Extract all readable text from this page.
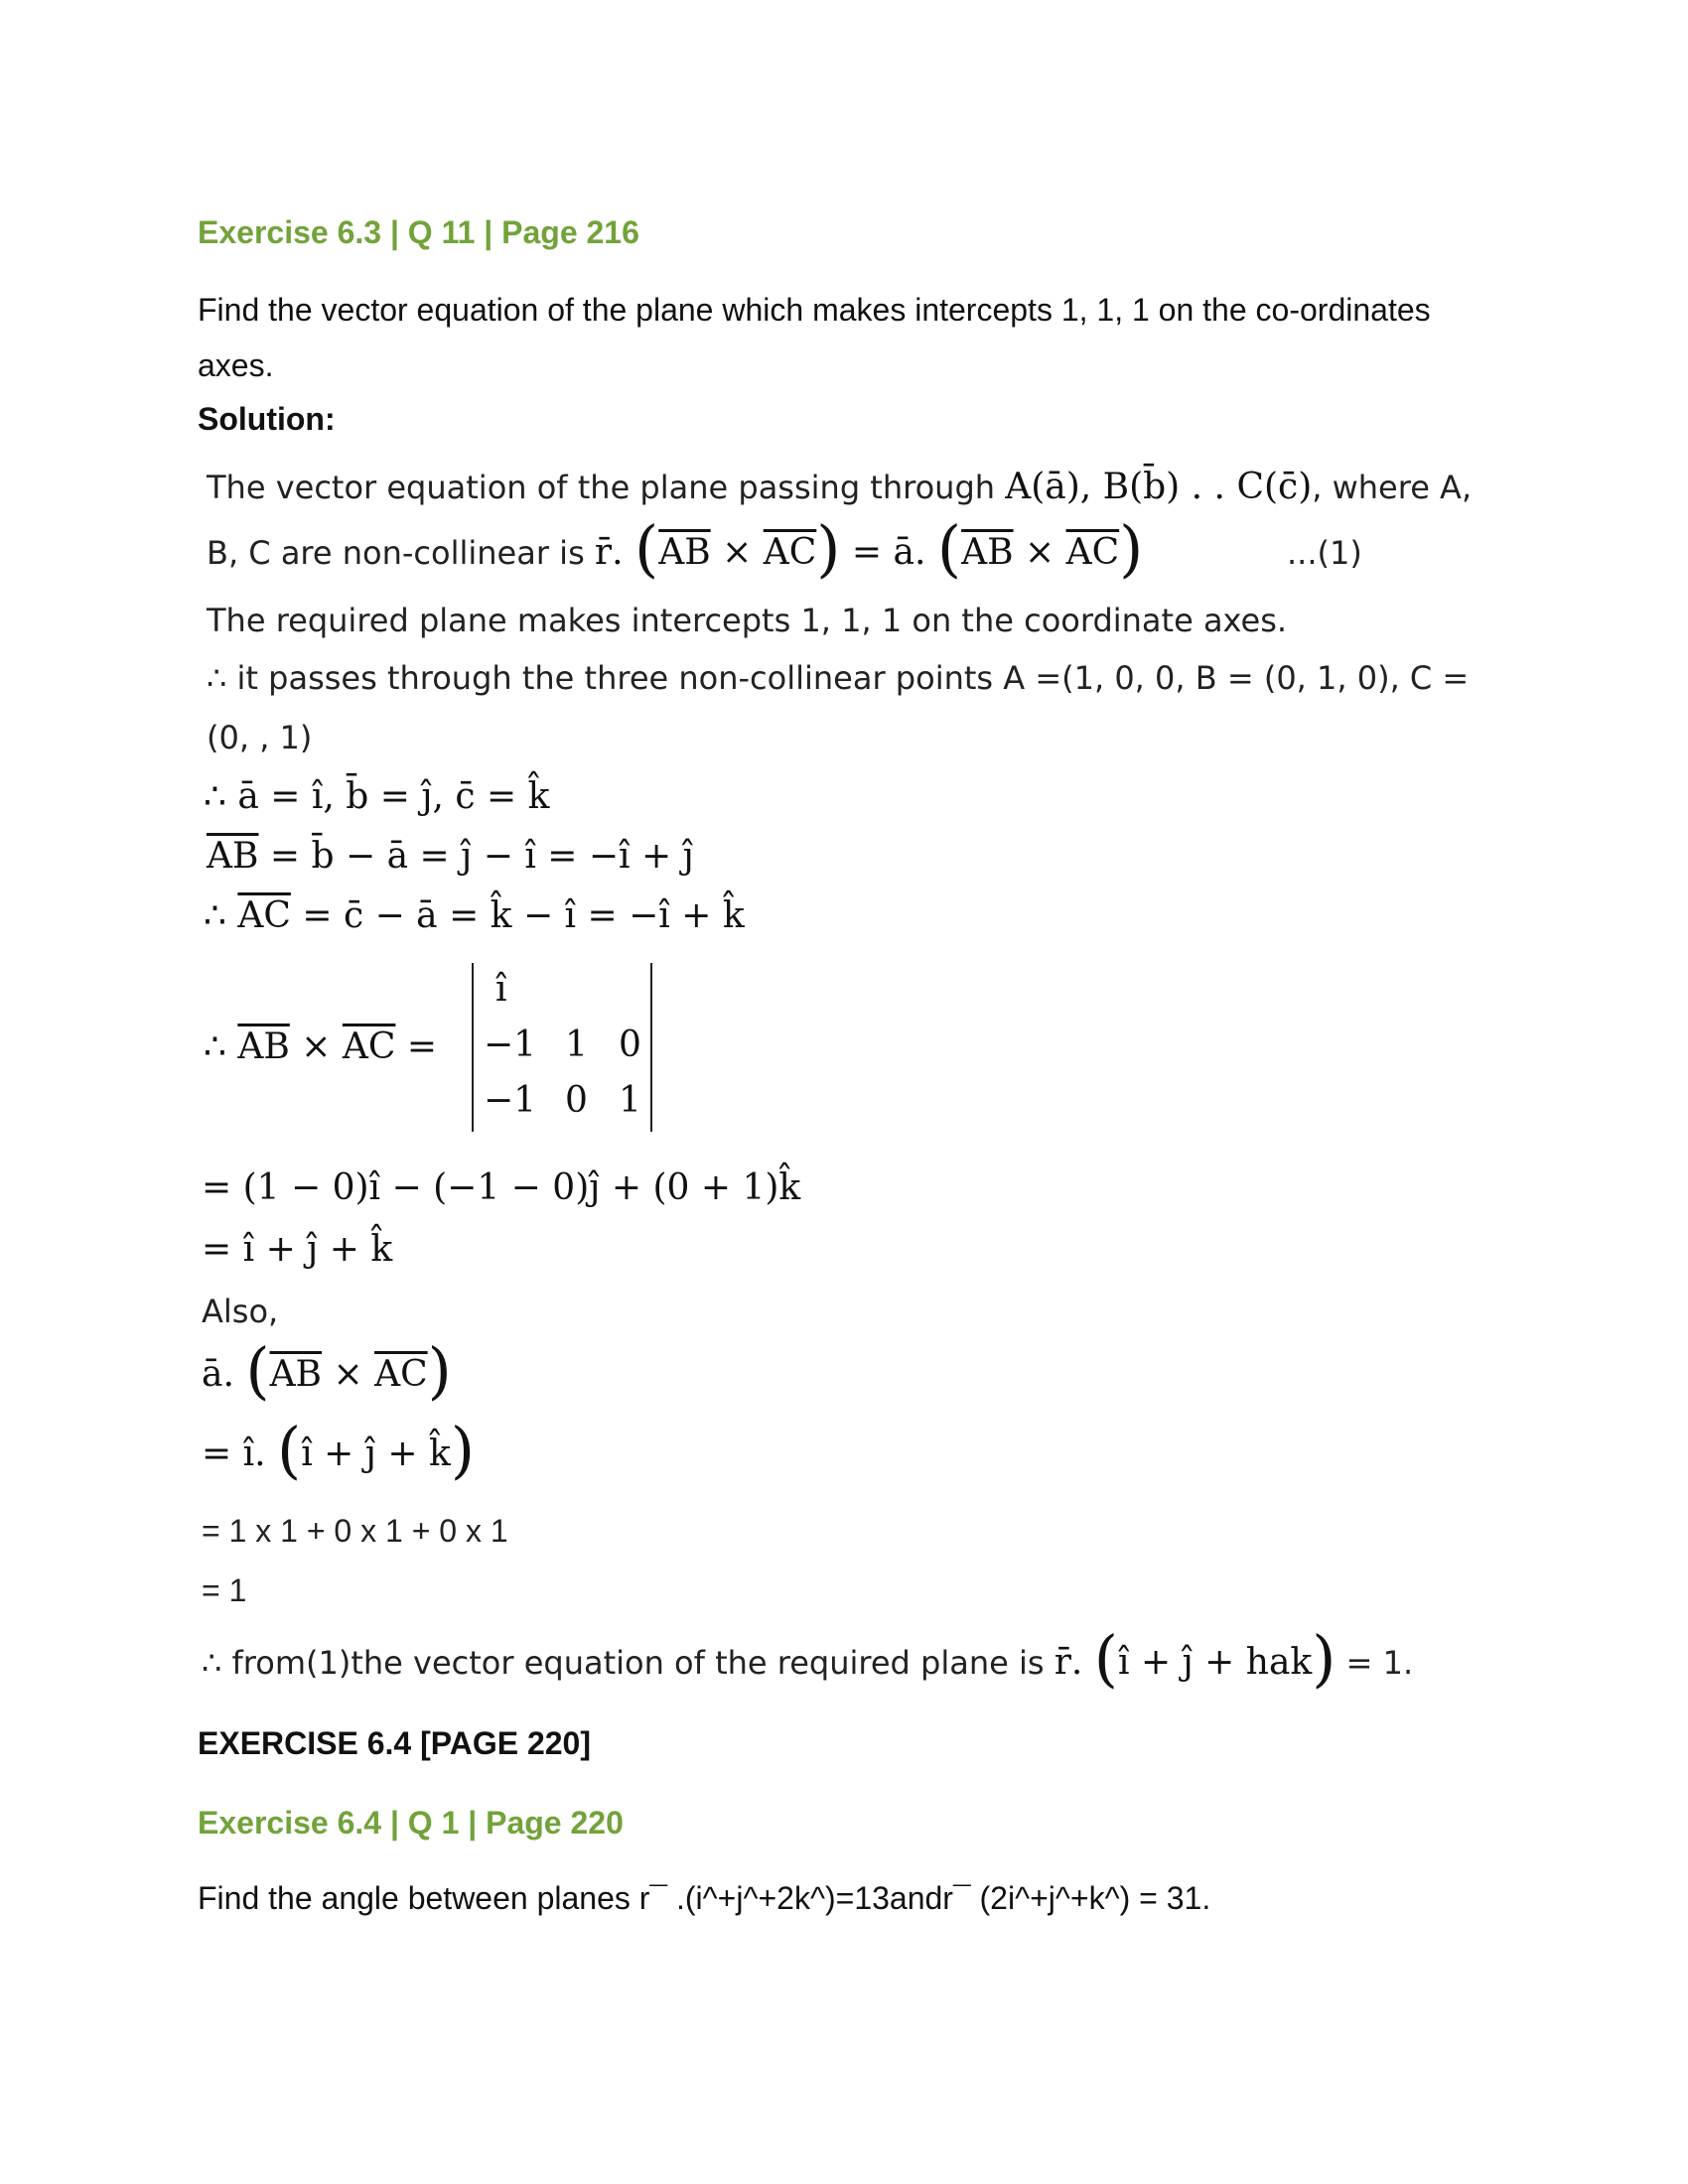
Exercise 6.3 | Q 11 | Page 216
Find the vector equation of the plane which makes intercepts 1, 1, 1 on the co-ordinates
axes.
Solution:
The vector equation of the plane passing through A(ā), B(b̄) . . C(c̄), where A,
B, C are non-collinear is r̄. $(\overline{AB} \times \overline{AC})$ = ā. $(\overline{AB} \times \overline{AC})$	...(1)
The required plane makes intercepts 1, 1, 1 on the coordinate axes.
∴ it passes through the three non-collinear points A =(1, 0, 0, B = (0, 1, 0), C =
(0, , 1)
∴ ā = î, b̄ = ĵ, c̄ = k̂
$\overline{AB}$ = b̄ − ā = ĵ − î = −î + ĵ
∴ $\overline{AC}$ = c̄ − ā = k̂ − î = −î + k̂
∴ $\overline{AB} \times \overline{AC}$ =
î
−1 1 0
−1 0 1
= (1 − 0)î − (−1 − 0)ĵ + (0 + 1)k̂
= î + ĵ + k̂
Also,
ā. $(\overline{AB} \times \overline{AC})$
= î. (î + ĵ + k̂)
= 1 x 1 + 0 x 1 + 0 x 1
= 1
∴ from(1)the vector equation of the required plane is r̄. (î + ĵ + hak) = 1.
EXERCISE 6.4 [PAGE 220]
Exercise 6.4 | Q 1 | Page 220
Find the angle between planes r¯ .(i^+j^+2k^)=13andr¯ (2i^+j^+k^) = 31.
